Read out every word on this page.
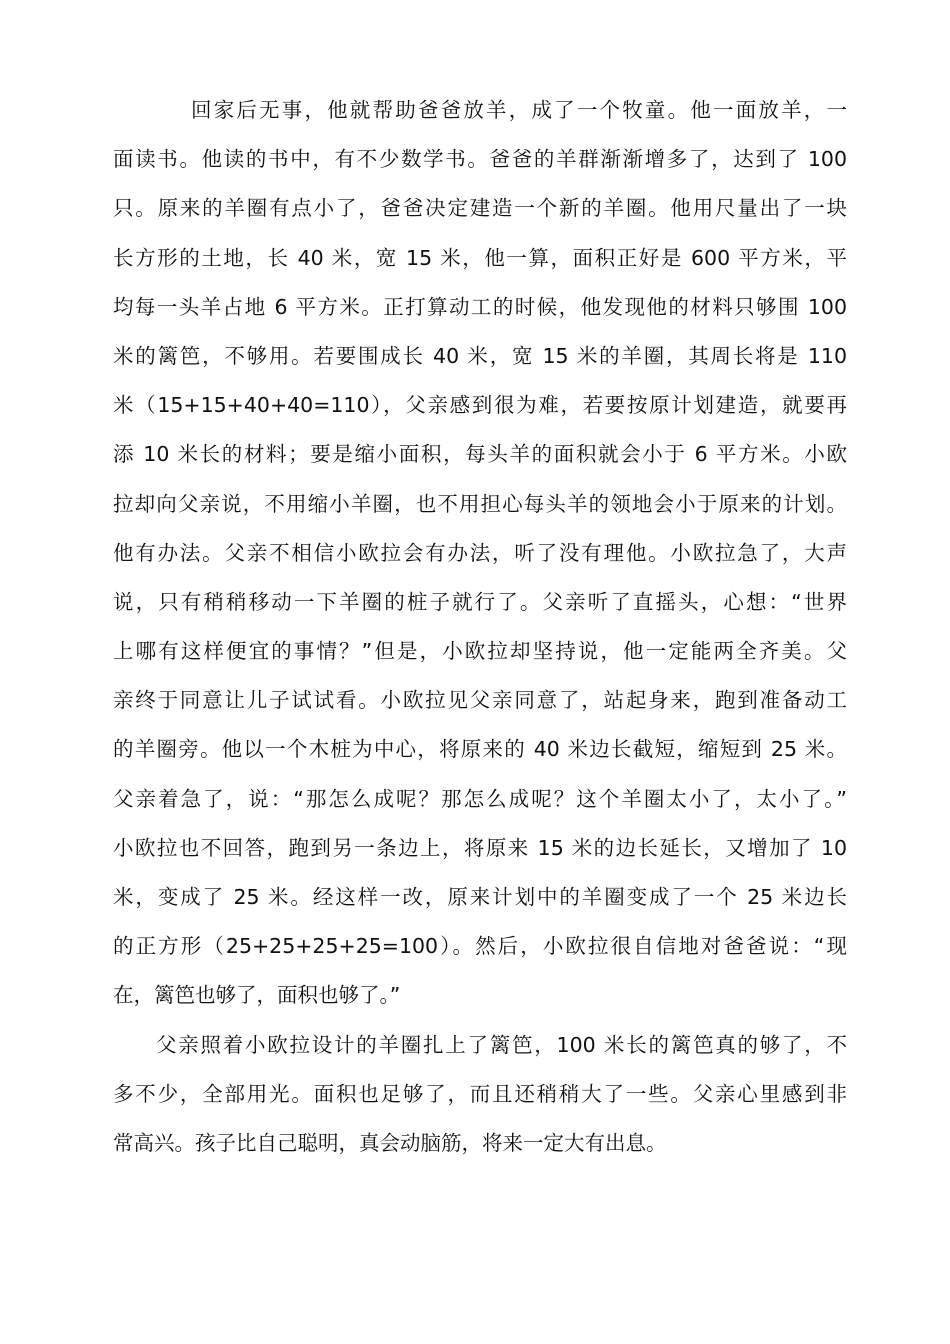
回家后无事，他就帮助爸爸放羊，成了一个牧童。他一面放羊，一
面读书。他读的书中，有不少数学书。爸爸的羊群渐渐增多了，达到了 100
只。原来的羊圈有点小了，爸爸决定建造一个新的羊圈。他用尺量出了一块
长方形的土地，长 40 米，宽 15 米，他一算，面积正好是 600 平方米，平
均每一头羊占地 6 平方米。正打算动工的时候，他发现他的材料只够围 100
米的篱笆，不够用。若要围成长 40 米，宽 15 米的羊圈，其周长将是 110
米（15+15+40+40=110），父亲感到很为难，若要按原计划建造，就要再
添 10 米长的材料；要是缩小面积，每头羊的面积就会小于 6 平方米。小欧
拉却向父亲说，不用缩小羊圈，也不用担心每头羊的领地会小于原来的计划。
他有办法。父亲不相信小欧拉会有办法，听了没有理他。小欧拉急了，大声
说，只有稍稍移动一下羊圈的桩子就行了。父亲听了直摇头，心想：“世界
上哪有这样便宜的事情？”但是，小欧拉却坚持说，他一定能两全齐美。父
亲终于同意让儿子试试看。小欧拉见父亲同意了，站起身来，跑到准备动工
的羊圈旁。他以一个木桩为中心，将原来的 40 米边长截短，缩短到 25 米。
父亲着急了，说：“那怎么成呢？那怎么成呢？这个羊圈太小了，太小了。”
小欧拉也不回答，跑到另一条边上，将原来 15 米的边长延长，又增加了 10
米，变成了 25 米。经这样一改，原来计划中的羊圈变成了一个 25 米边长
的正方形（25+25+25+25=100）。然后，小欧拉很自信地对爸爸说：“现
在，篱笆也够了，面积也够了。”
父亲照着小欧拉设计的羊圈扎上了篱笆，100 米长的篱笆真的够了，不
多不少，全部用光。面积也足够了，而且还稍稍大了一些。父亲心里感到非
常高兴。孩子比自己聪明，真会动脑筋，将来一定大有出息。
